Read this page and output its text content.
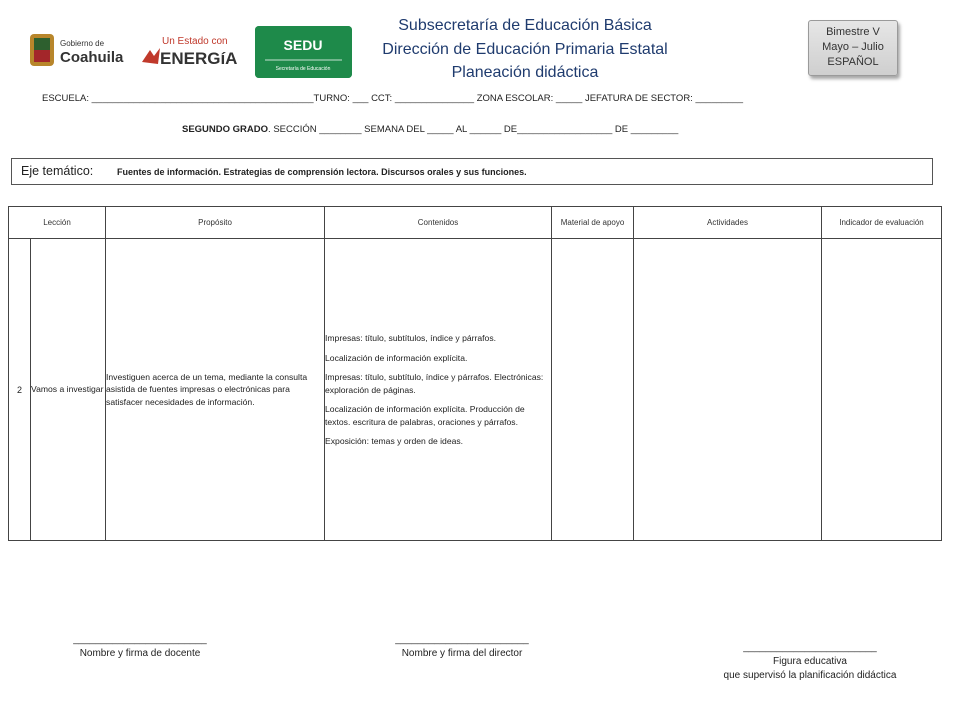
Gobierno de
Coahuila
Un Estado con
ENERGíA
SEDU
Secretaría de Educación
Subsecretaría de Educación Básica
Dirección de Educación Primaria Estatal
Planeación didáctica
Bimestre V
Mayo – Julio
ESPAÑOL
ESCUELA: __________________________________________TURNO: ___ CCT: _______________ ZONA ESCOLAR: _____ JEFATURA DE SECTOR: _________
SEGUNDO GRADO. SECCIÓN ________ SEMANA DEL _____ AL ______ DE__________________ DE _________
Eje temático:	Fuentes de información. Estrategias de comprensión lectora. Discursos orales y sus funciones.
Lección		Propósito	Contenidos	Material de apoyo	Actividades	Indicador de evaluación
2	Vamos a investigar	Investiguen acerca de un tema, mediante la consulta asistida de fuentes impresas o electrónicas para satisfacer necesidades de información.	Impresas: título, subtítulos, índice y párrafos.

Localización de información explícita.

Impresas: título, subtítulo, índice y párrafos. Electrónicas: exploración de páginas.

Localización de información explícita. Producción de textos. escritura de palabras, oraciones y párrafos.

Exposición: temas y orden de ideas.			

________________________
Nombre y firma de docente
________________________
Nombre y firma del director
________________________
Figura educativa
que supervisó la planificación didáctica
